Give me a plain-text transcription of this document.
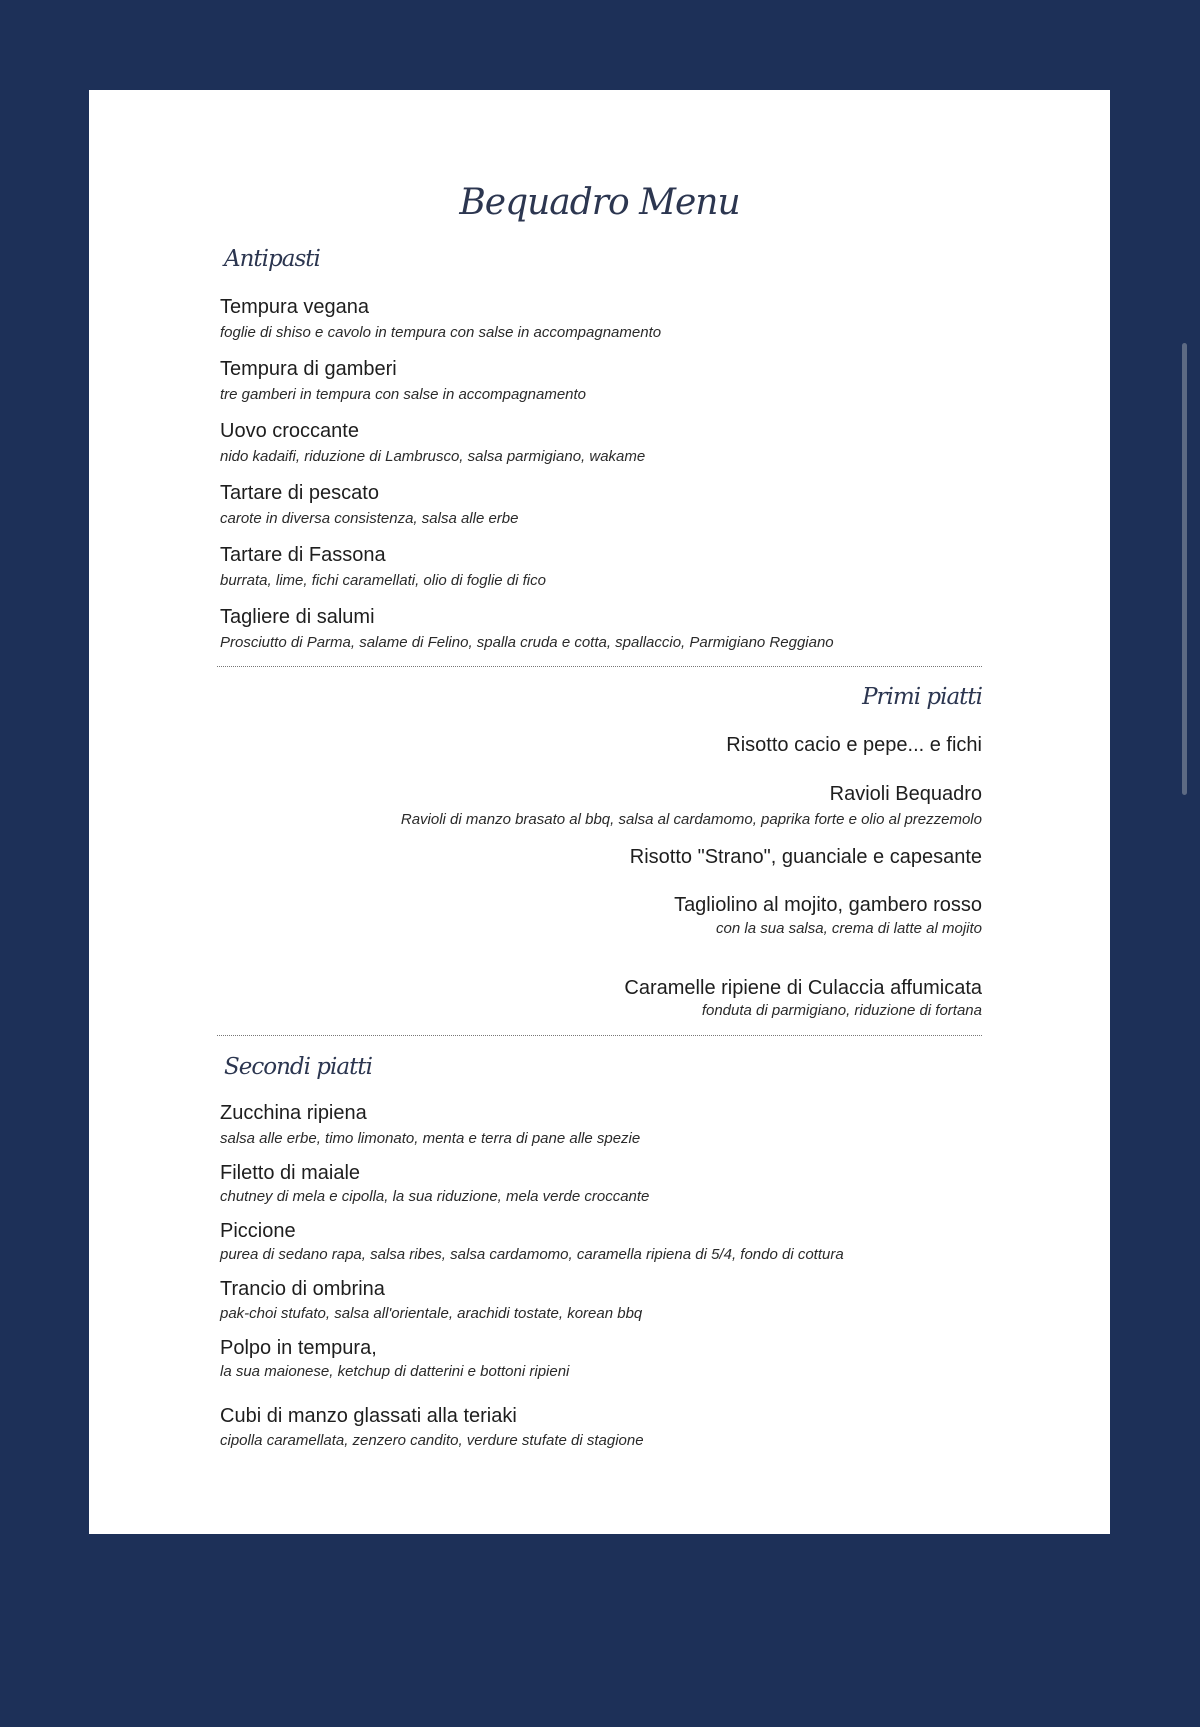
Bequadro Menu
Antipasti
Tempura vegana
foglie di shiso e cavolo in tempura con salse in accompagnamento
Tempura di gamberi
tre gamberi in tempura con salse in accompagnamento
Uovo croccante
nido kadaifi, riduzione di Lambrusco, salsa parmigiano, wakame
Tartare di pescato
carote in diversa consistenza, salsa alle erbe
Tartare di Fassona
burrata, lime, fichi caramellati, olio di foglie di fico
Tagliere di salumi
Prosciutto di Parma, salame di Felino, spalla cruda e cotta, spallaccio, Parmigiano Reggiano
Primi piatti
Risotto cacio e pepe... e fichi
Ravioli Bequadro
Ravioli di manzo brasato al bbq, salsa al cardamomo, paprika forte e olio al prezzemolo
Risotto "Strano", guanciale e capesante
Tagliolino al mojito, gambero rosso
con la sua salsa, crema di latte al mojito
Caramelle ripiene di Culaccia affumicata
fonduta di parmigiano, riduzione di fortana
Secondi piatti
Zucchina ripiena
salsa alle erbe, timo limonato, menta e terra di pane alle spezie
Filetto di maiale
chutney di mela e cipolla, la sua riduzione, mela verde croccante
Piccione
purea di sedano rapa, salsa ribes, salsa cardamomo, caramella ripiena di 5/4, fondo di cottura
Trancio di ombrina
pak-choi stufato, salsa all'orientale, arachidi tostate, korean bbq
Polpo in tempura,
la sua maionese, ketchup di datterini e bottoni ripieni
Cubi di manzo glassati alla teriaki
cipolla caramellata, zenzero candito, verdure stufate di stagione
